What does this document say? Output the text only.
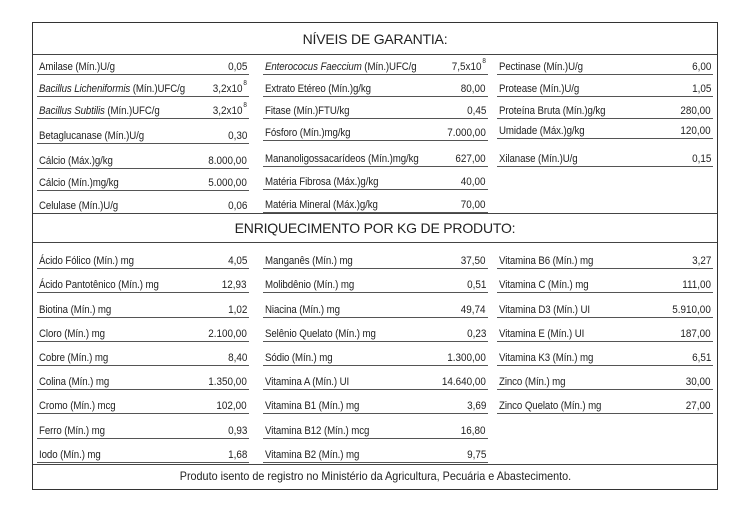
NÍVEIS DE GARANTIA:
Amilase (Mín.)U/g	0,05
Bacillus Licheniformis (Mín.)UFC/g	$3,2x10^8$
Bacillus Subtilis (Mín.)UFC/g	$3,2x10^8$
Betaglucanase (Mín.)U/g	0,30
Cálcio (Máx.)g/kg	8.000,00
Cálcio (Mín.)mg/kg	5.000,00
Celulase (Mín.)U/g	0,06
Enterococus Faeccium (Mín.)UFC/g	$7,5x10^8$
Extrato Etéreo (Mín.)g/kg	80,00
Fitase (Mín.)FTU/kg	0,45
Fósforo (Mín.)mg/kg	7.000,00
Mananoligossacarídeos (Mín.)mg/kg	627,00
Matéria Fibrosa (Máx.)g/kg	40,00
Matéria Mineral (Máx.)g/kg	70,00
Pectinase (Mín.)U/g	6,00
Protease (Mín.)U/g	1,05
Proteína Bruta (Mín.)g/kg	280,00
Umidade (Máx.)g/kg	120,00
Xilanase (Mín.)U/g	0,15
ENRIQUECIMENTO POR KG DE PRODUTO:
Ácido Fólico (Mín.) mg	4,05
Ácido Pantotênico (Mín.) mg	12,93
Biotina (Mín.) mg	1,02
Cloro (Mín.) mg	2.100,00
Cobre (Mín.) mg	8,40
Colina (Mín.) mg	1.350,00
Cromo (Mín.) mcg	102,00
Ferro (Mín.) mg	0,93
Iodo (Mín.) mg	1,68
Manganês (Mín.) mg	37,50
Molibdênio (Mín.) mg	0,51
Niacina (Mín.) mg	49,74
Selênio Quelato (Mín.) mg	0,23
Sódio (Mín.) mg	1.300,00
Vitamina A (Mín.) UI	14.640,00
Vitamina B1 (Mín.) mg	3,69
Vitamina B12 (Mín.) mcg	16,80
Vitamina B2 (Mín.) mg	9,75
Vitamina B6 (Mín.) mg	3,27
Vitamina C (Mín.) mg	111,00
Vitamina D3 (Mín.) UI	5.910,00
Vitamina E (Mín.) UI	187,00
Vitamina K3 (Mín.) mg	6,51
Zinco (Mín.) mg	30,00
Zinco Quelato (Mín.) mg	27,00
Produto isento de registro no Ministério da Agricultura, Pecuária e Abastecimento.
